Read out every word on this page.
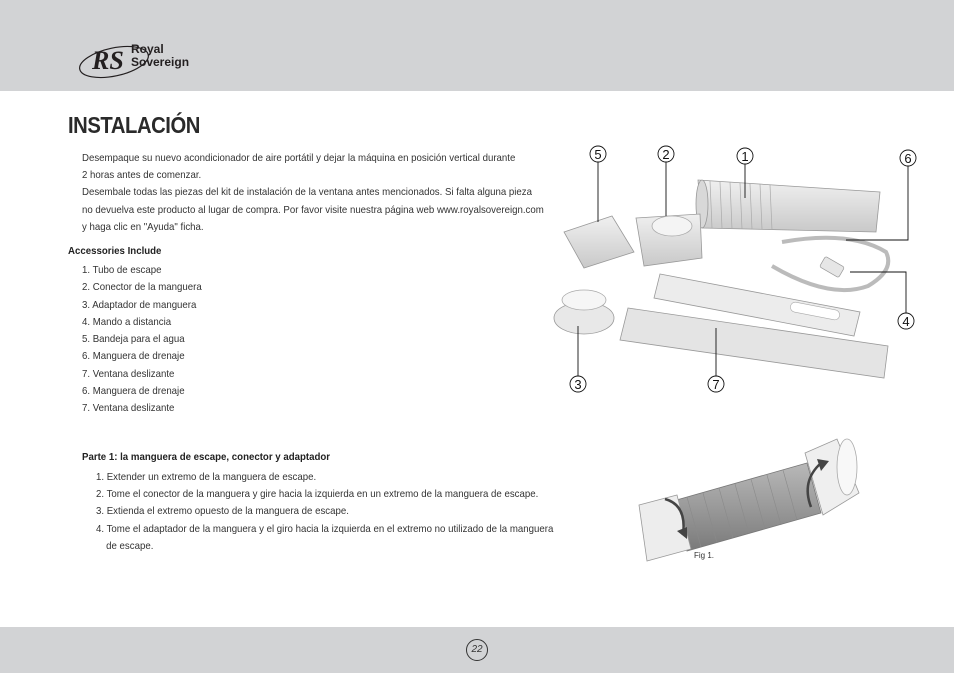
RS Royal
Sovereign
INSTALACIÓN
Desempaque su nuevo acondicionador de aire portátil y dejar la máquina en posición vertical durante
2 horas antes de comenzar.
Desembale todas las piezas del kit de instalación de la ventana antes mencionados. Si falta alguna pieza
no devuelva este producto al lugar de compra. Por favor visite nuestra página web www.royalsovereign.com
y haga clic en "Ayuda" ficha.
Accessories Include
1. Tubo de escape
2. Conector de la manguera
3. Adaptador de manguera
4. Mando a distancia
5. Bandeja para el agua
6. Manguera de drenaje
7. Ventana deslizante
6. Manguera de drenaje
7. Ventana deslizante
5	2	1	6
4
3	7
Parte 1: la manguera de escape, conector y adaptador
1. Extender un extremo de la manguera de escape.
2. Tome el conector de la manguera y gire hacia la izquierda en un extremo de la manguera de escape.
3. Extienda el extremo opuesto de la manguera de escape.
4. Tome el adaptador de la manguera y el giro hacia la izquierda en el extremo no utilizado de la manguera
de escape.
Fig 1.
22
